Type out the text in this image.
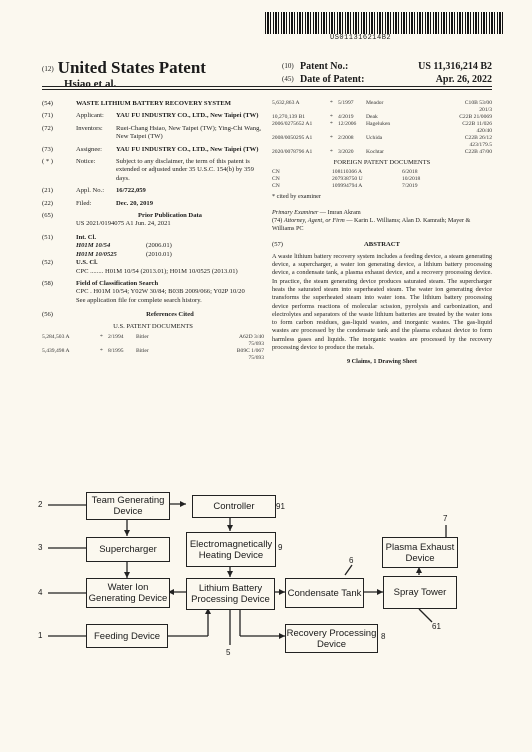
US011316214B2
(12) United States Patent
Hsiao et al.
(10) Patent No.:	US 11,316,214 B2
(45) Date of Patent:	Apr. 26, 2022
(54)	WASTE LITHIUM BATTERY RECOVERY SYSTEM
(71)	Applicant:	YAU FU INDUSTRY CO., LTD., New Taipei (TW)
(72)	Inventors:	Ruei-Chang Hsiao, New Taipei (TW); Ying-Chi Wang, New Taipei (TW)
(73)	Assignee:	YAU FU INDUSTRY CO., LTD., New Taipei (TW)
( * )	Notice:	Subject to any disclaimer, the term of this patent is extended or adjusted under 35 U.S.C. 154(b) by 359 days.
(21)	Appl. No.:	16/722,059
(22)	Filed:	Dec. 20, 2019
(65)	Prior Publication Data
US 2021/0194075 A1 Jun. 24, 2021
(51)	Int. Cl.
H01M 10/54	(2006.01)
H01M 10/0525	(2010.01)
(52)	U.S. Cl.
CPC ........ H01M 10/54 (2013.01); H01M 10/0525 (2013.01)
(58)	Field of Classification Search
CPC . H01M 10/54; Y02W 30/84; B03B 2009/066; Y02P 10/20
See application file for complete search history.
(56)	References Cited
U.S. PATENT DOCUMENTS
5,284,503 A	* 2/1994	Bitler	A62D 3/40
75/693
5,439,498 A	* 8/1995	Bitler	B09C 1/067
75/693
5,632,863 A	* 5/1997	Meador	C10B 53/00
201/3
10,270,139 B1	* 4/2019	Deak	C22B 21/0069
2006/0275652 A1	* 12/2006	Hageluken	C22B 11/026
420/40
2008/0050295 A1	* 2/2008	Uchida	C22B 26/12
423/179.5
2020/0078796 A1	* 3/2020	Kochtar	C22B 47/00
FOREIGN PATENT DOCUMENTS
CN	108110366 A	6/2018
CN	207938750 U	10/2018
CN	109994794 A	7/2019
* cited by examiner
Primary Examiner — Imran Akram
(74) Attorney, Agent, or Firm — Karin L. Williams; Alan D. Kamrath; Mayer & Williams PC
(57)	ABSTRACT
A waste lithium battery recovery system includes a feeding device, a steam generating device, a supercharger, a water ion generating device, a lithium battery processing device, a condensate tank, a plasma exhaust device, and a recovery processing device. In practice, the steam generating device produces saturated steam. The supercharger heats the saturated steam into superheated steam. The water ion generating device transforms the superheated steam into water ions. The lithium battery processing device performs reactions of molecular scission, pyrolysis and carbonization, and electrolytes and separators of the waste lithium batteries are treated by the water ions to form carbon residues, gas-liquid wastes, and inorganic wastes. The gas-liquid wastes are processed by the condensate tank and the plasma exhaust device to form harmless gases and liquids. The inorganic wastes are processed by the recovery processing device to produce the metals.
9 Claims, 1 Drawing Sheet
Team Generating Device	Controller
Supercharger	Electromagnetically Heating Device
Plasma Exhaust Device
Water Ion Generating Device
Lithium Battery Processing Device
Condensate Tank	Spray Tower
Feeding Device	Recovery Processing Device
2
3
4
1
5
6
7
8
9
91
61
